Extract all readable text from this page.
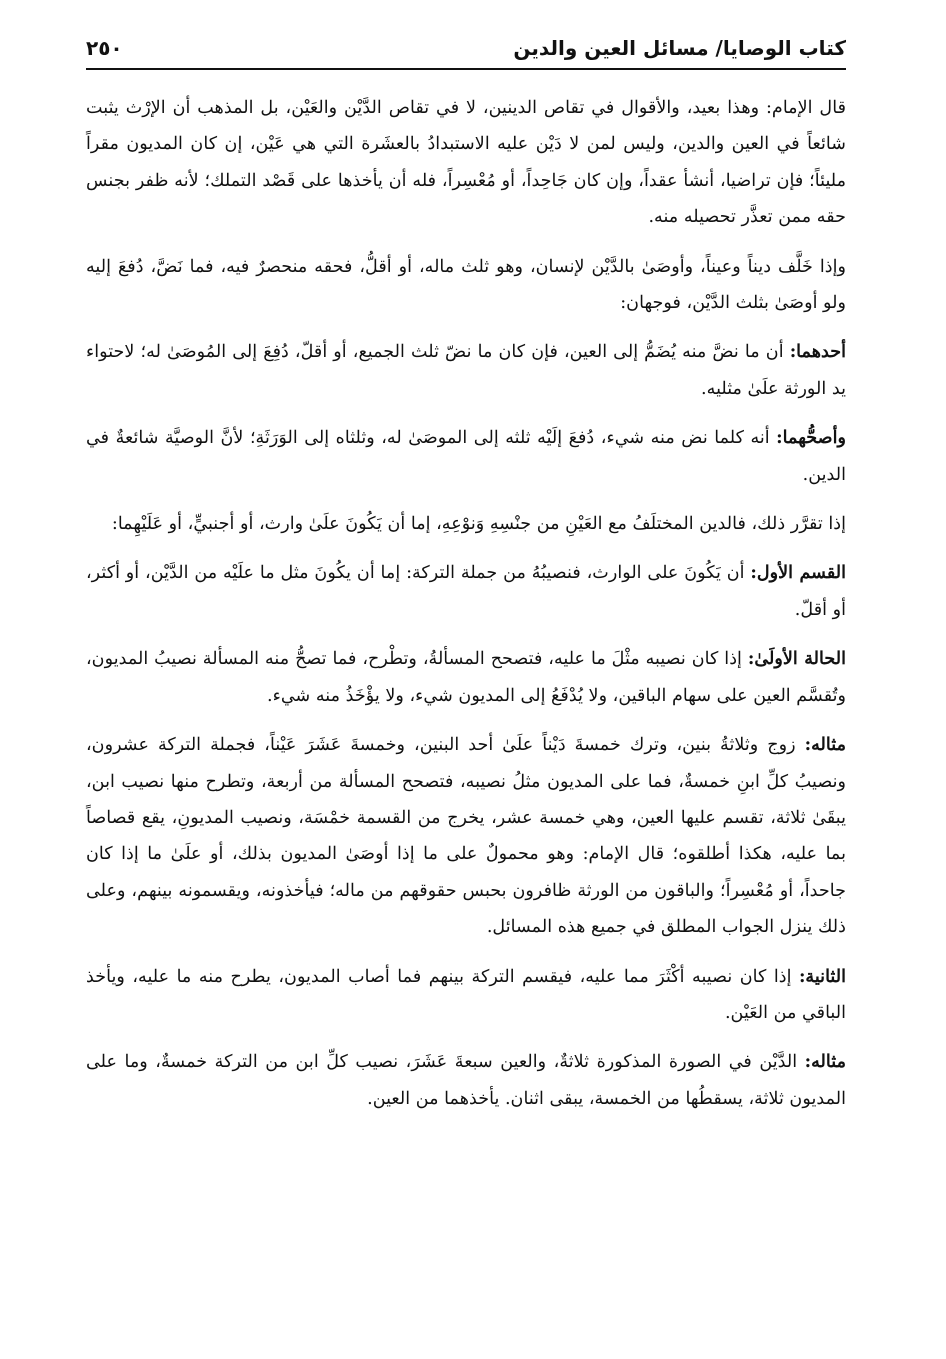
كتاب الوصايا/ مسائل العين والدين
٢٥٠

قال الإمام: وهذا بعيد، والأقوال في تقاص الدينين، لا في تقاص الدَّيْن والعَيْن، بل المذهب أن الإرْث يثبت شائعاً في العين والدين، وليس لمن لا دَيْن عليه الاستبدادُ بالعشَرة التي هي عَيْن، إن كان المديون مقراً مليئاً؛ فإن تراضيا، أنشأ عقداً، وإن كان جَاحِداً، أو مُعْسِراً، فله أن يأخذها على قَصْد التملك؛ لأنه ظفر بجنس حقه ممن تعذَّر تحصيله منه.

وإذا خَلَّف ديناً وعيناً، وأوصَىٰ بالدَّيْن لإنسان، وهو ثلث ماله، أو أقلُّ، فحقه منحصرٌ فيه، فما نَضَّ، دُفعَ إليه ولو أوصَىٰ بثلث الدَّيْن، فوجهان:

أحدهما: أن ما نضَّ منه يُضَمُّ إلى العين، فإن كان ما نضّ ثلث الجميع، أو أقلّ، دُفِعَ إلى المُوصَىٰ له؛ لاحتواء يد الورثة علَىٰ مثليه.

وأصحُّهما: أنه كلما نض منه شيء، دُفعَ إلَيْه ثلثه إلى الموصَىٰ له، وثلثاه إلى الوَرَثَةِ؛ لأنَّ الوصيَّة شائعةٌ في الدين.

إذا تقرَّر ذلك، فالدين المختلَفُ مع العَيْنِ من جنْسِهِ وَنوْعِهِ، إما أن يَكُونَ علَىٰ وارث، أو أجنبيٍّ، أو عَلَيْهِما:

القسم الأول: أن يَكُونَ على الوارث، فنصيبُهُ من جملة التركة: إما أن يكُونَ مثل ما علَيْه من الدَّيْن، أو أكثر، أو أقلّ.

الحالة الأولَىٰ: إذا كان نصيبه مثْلَ ما عليه، فتصحح المسألةُ، وتطْرح، فما تصحُّ منه المسألة نصيبُ المديون، وتُقسَّم العين على سهام الباقين، ولا يُدْفَعُ إلى المديون شيء، ولا يؤْخَذُ منه شيء.

مثاله: زوج وثلاثةُ بنين، وترك خمسةَ دَيْناً علَىٰ أحد البنين، وخمسةَ عَشَرَ عَيْناً، فجملة التركة عشرون، ونصيبُ كلِّ ابنِ خمسةٌ، فما على المديون مثلُ نصيبه، فتصحح المسألة من أربعة، وتطرح منها نصيب ابن، يبقَىٰ ثلاثة، تقسم عليها العين، وهي خمسة عشر، يخرج من القسمة خمْسَة، ونصيب المديونِ، يقع قصاصاً بما عليه، هكذا أطلقوه؛ قال الإمام: وهو محمولٌ على ما إذا أوصَىٰ المديون بذلك، أو علَىٰ ما إذا كان جاحداً، أو مُعْسِراً؛ والباقون من الورثة ظافرون بحبس حقوقهم من ماله؛ فيأخذونه، ويقسمونه بينهم، وعلى ذلك ينزل الجواب المطلق في جميع هذه المسائل.

الثانية: إذا كان نصيبه أكْثَرَ مما عليه، فيقسم التركة بينهم فما أصاب المديون، يطرح منه ما عليه، ويأخذ الباقي من العَيْن.

مثاله: الدَّيْن في الصورة المذكورة ثلاثةٌ، والعين سبعةَ عَشَرَ، نصيب كلِّ ابن من التركة خمسةٌ، وما على المديون ثلاثة، يسقطُها من الخمسة، يبقى اثنان. يأخذهما من العين.
